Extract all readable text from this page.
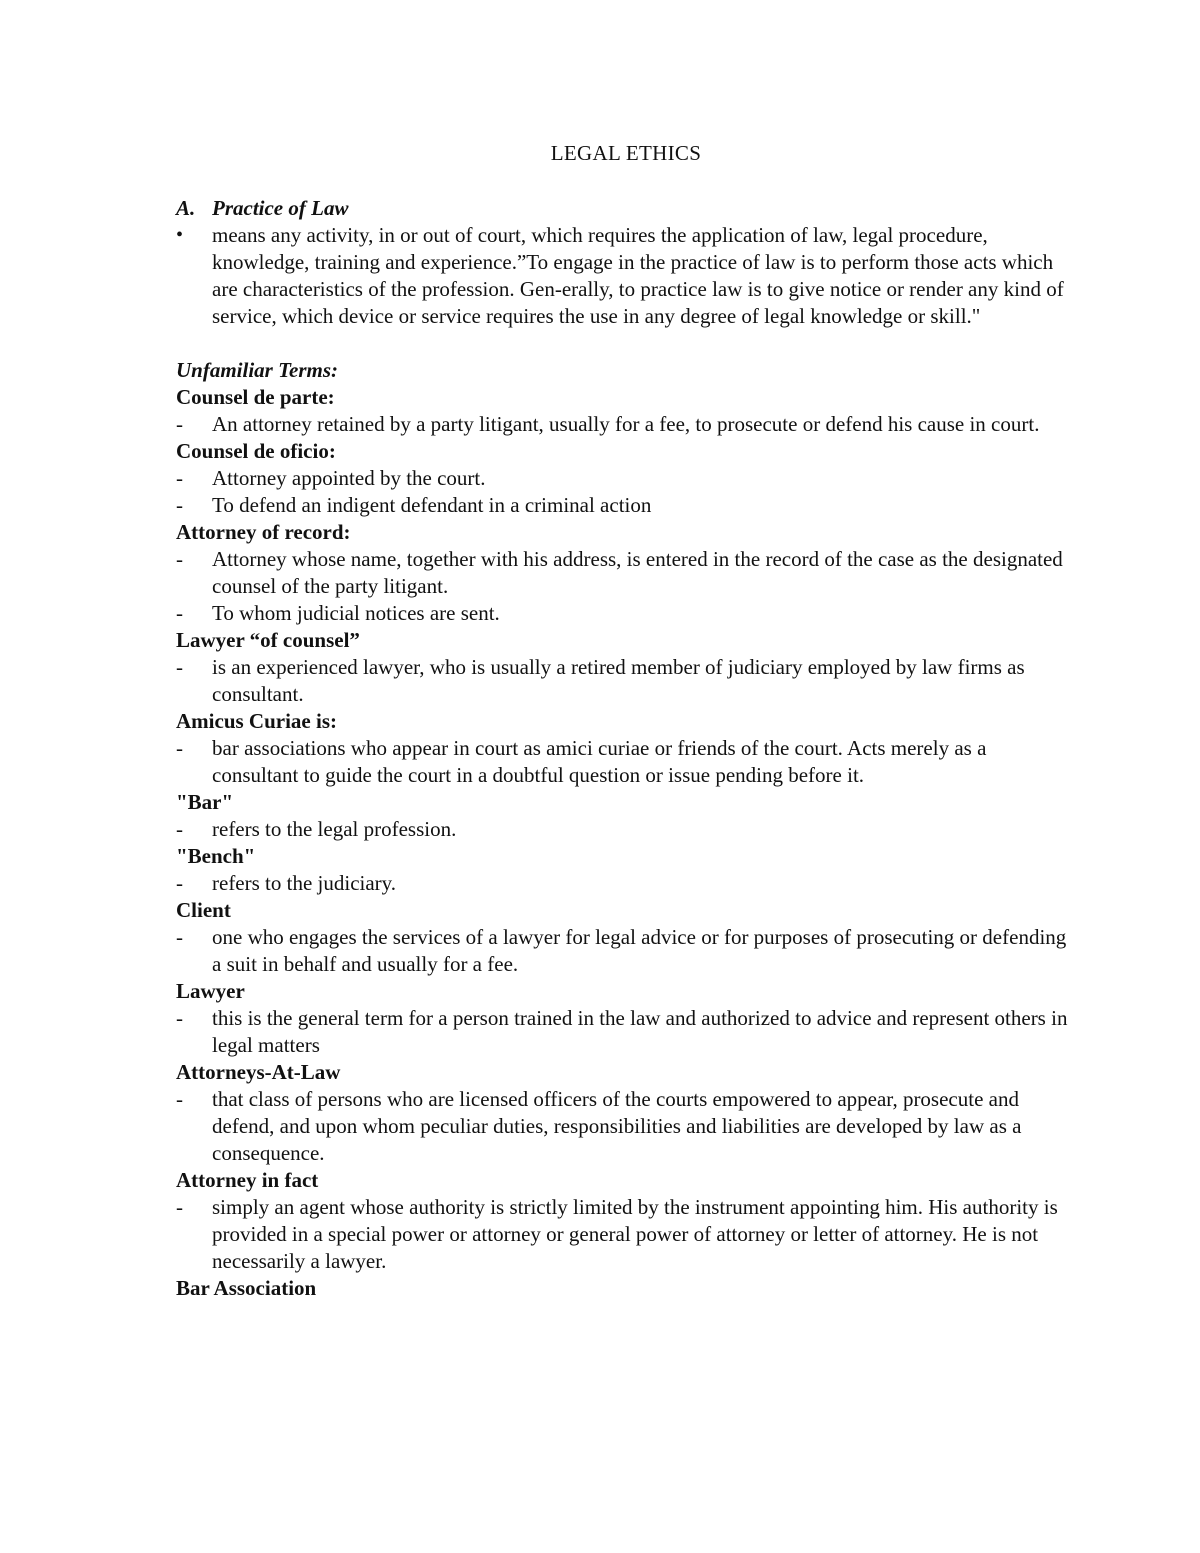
LEGAL ETHICS
A. Practice of Law
•	means any activity, in or out of court, which requires the application of law, legal procedure, knowledge, training and experience.”To engage in the practice of law is to perform those acts which are characteristics of the profession. Gen-erally, to practice law is to give notice or render any kind of service, which device or service requires the use in any degree of legal knowledge or skill."
Unfamiliar Terms:
Counsel de parte:
-	An attorney retained by a party litigant, usually for a fee, to prosecute or defend his cause in court.
Counsel de oficio:
-	Attorney appointed by the court.
-	To defend an indigent defendant in a criminal action
Attorney of record:
-	Attorney whose name, together with his address, is entered in the record of the case as the designated counsel of the party litigant.
-	To whom judicial notices are sent.
Lawyer “of counsel”
-	is an experienced lawyer, who is usually a retired member of judiciary employed by law firms as consultant.
Amicus Curiae is:
-	bar associations who appear in court as amici curiae or friends of the court. Acts merely as a consultant to guide the court in a doubtful question or issue pending before it.
"Bar"
-	refers to the legal profession.
"Bench"
-	refers to the judiciary.
Client
-	one who engages the services of a lawyer for legal advice or for purposes of prosecuting or defending a suit in behalf and usually for a fee.
Lawyer
-	this is the general term for a person trained in the law and authorized to advice and represent others in legal matters
Attorneys-At-Law
-	that class of persons who are licensed officers of the courts empowered to appear, prosecute and defend, and upon whom peculiar duties, responsibilities and liabilities are developed by law as a consequence.
Attorney in fact
-	simply an agent whose authority is strictly limited by the instrument appointing him. His authority is provided in a special power or attorney or general power of attorney or letter of attorney. He is not necessarily a lawyer.
Bar Association
